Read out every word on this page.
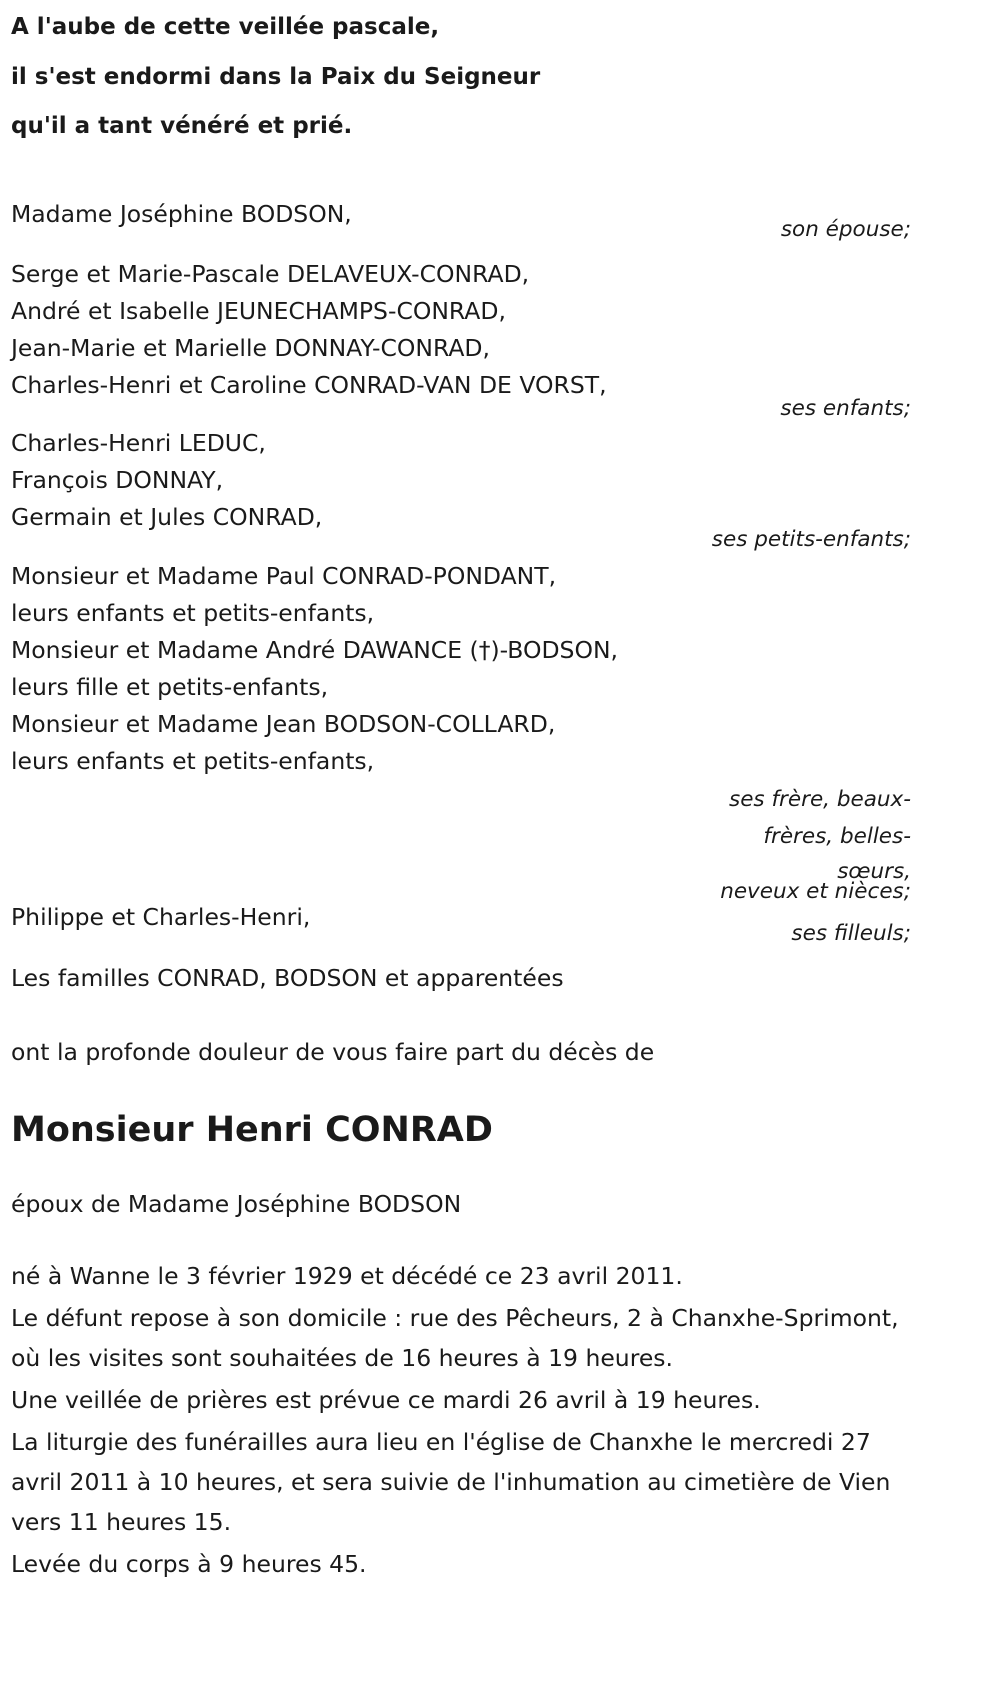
A l'aube de cette veillée pascale,
il s'est endormi dans la Paix du Seigneur
qu'il a tant vénéré et prié.
Madame Joséphine BODSON,
son épouse;
Serge et Marie-Pascale DELAVEUX-CONRAD,
André et Isabelle JEUNECHAMPS-CONRAD,
Jean-Marie et Marielle DONNAY-CONRAD,
Charles-Henri et Caroline CONRAD-VAN DE VORST,
ses enfants;
Charles-Henri LEDUC,
François DONNAY,
Germain et Jules CONRAD,
ses petits-enfants;
Monsieur et Madame Paul CONRAD-PONDANT,
leurs enfants et petits-enfants,
Monsieur et Madame André DAWANCE (†)-BODSON,
leurs fille et petits-enfants,
Monsieur et Madame Jean BODSON-COLLARD,
leurs enfants et petits-enfants,
ses frère, beaux-
frères, belles-
sœurs,
neveux et nièces;
Philippe et Charles-Henri,
ses filleuls;
Les familles CONRAD, BODSON et apparentées
ont la profonde douleur de vous faire part du décès de
Monsieur Henri CONRAD
époux de Madame Joséphine BODSON
né à Wanne le 3 février 1929 et décédé ce 23 avril 2011.
Le défunt repose à son domicile : rue des Pêcheurs, 2 à Chanxhe-Sprimont, où les visites sont souhaitées de 16 heures à 19 heures.
Une veillée de prières est prévue ce mardi 26 avril à 19 heures.
La liturgie des funérailles aura lieu en l'église de Chanxhe le mercredi 27 avril 2011 à 10 heures, et sera suivie de l'inhumation au cimetière de Vien vers 11 heures 15.
Levée du corps à 9 heures 45.
